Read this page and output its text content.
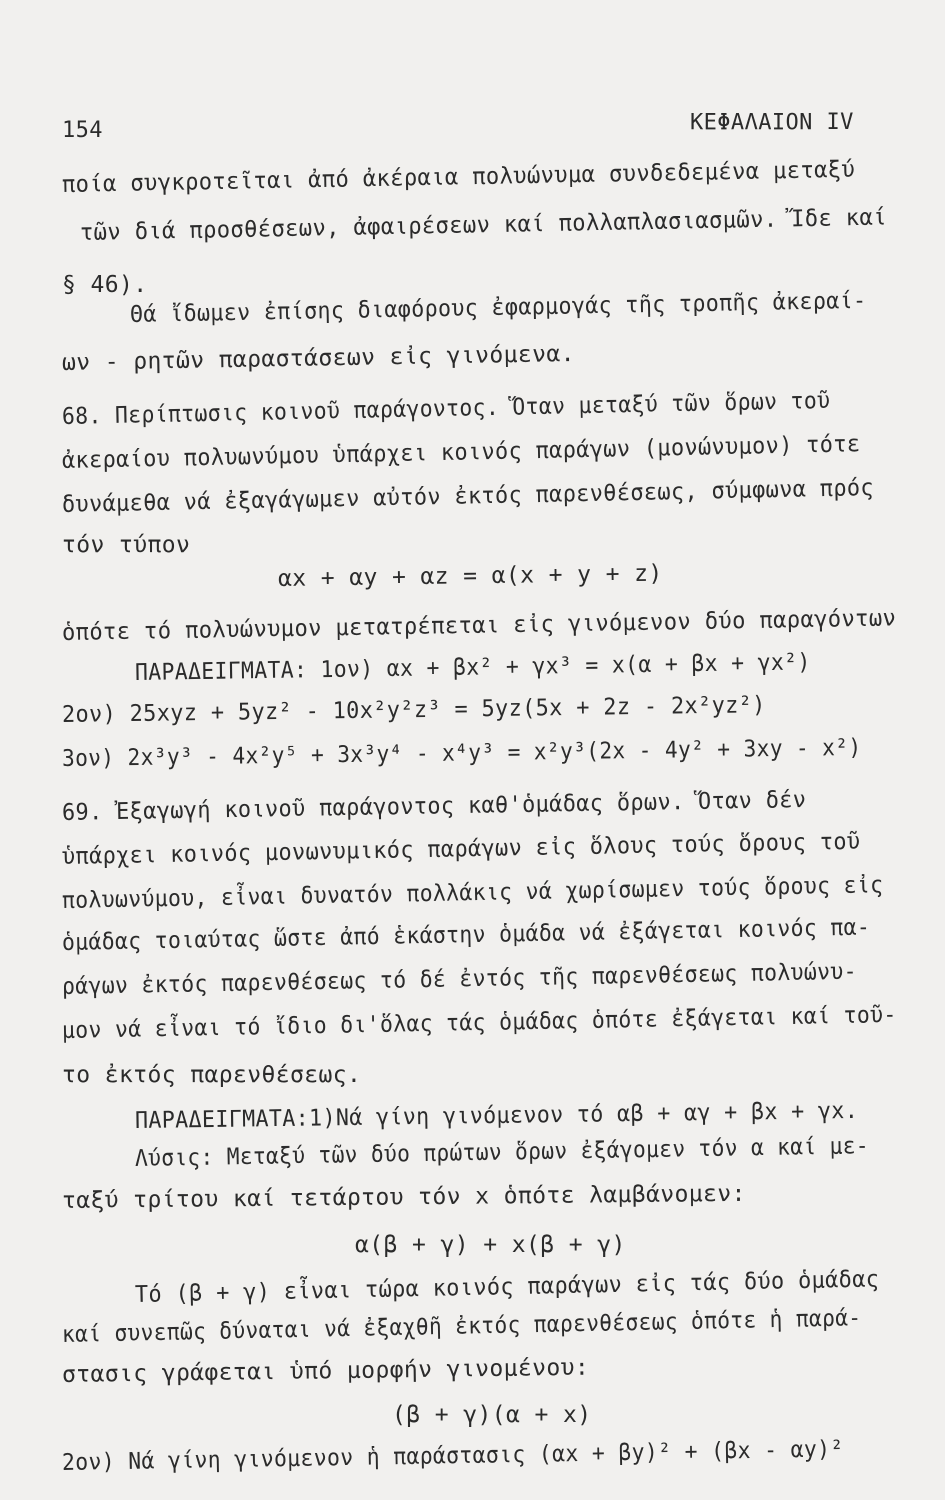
154	ΚΕΦΑΛΑΙΟΝ IV
ποία συγκροτεῖται ἀπό ἀκέραια πολυώνυμα συνδεδεμένα μεταξύ
τῶν διά προσθέσεων, ἀφαιρέσεων καί πολλαπλασιασμῶν. Ἴδε καί
§ 46).
Θά ἴδωμεν ἐπίσης διαφόρους ἐφαρμογάς τῆς τροπῆς ἀκεραί-
ων - ρητῶν παραστάσεων εἰς γινόμενα.
68. Περίπτωσις κοινοῦ παράγοντος. Ὅταν μεταξύ τῶν ὅρων τοῦ
ἀκεραίου πολυωνύμου ὑπάρχει κοινός παράγων (μονώνυμον) τότε
δυνάμεθα νά ἐξαγάγωμεν αὐτόν ἐκτός παρενθέσεως, σύμφωνα πρός
τόν τύπον
αx + αy + αz = α(x + y + z)
ὁπότε τό πολυώνυμον μετατρέπεται εἰς γινόμενον δύο παραγόντων
ΠΑΡΑΔΕΙΓΜΑΤΑ: 1ον) αx + βx² + γx³ = x(α + βx + γx²)
2ον) 25xyz + 5yz² - 10x²y²z³ = 5yz(5x + 2z - 2x²yz²)
3ον) 2x³y³ - 4x²y⁵ + 3x³y⁴ - x⁴y³ = x²y³(2x - 4y² + 3xy - x²)
69. Ἐξαγωγή κοινοῦ παράγοντος καθ'ὁμάδας ὅρων. Ὅταν δέν
ὑπάρχει κοινός μονωνυμικός παράγων εἰς ὅλους τούς ὅρους τοῦ
πολυωνύμου, εἶναι δυνατόν πολλάκις νά χωρίσωμεν τούς ὅρους εἰς
ὁμάδας τοιαύτας ὥστε ἀπό ἑκάστην ὁμάδα νά ἐξάγεται κοινός πα-
ράγων ἐκτός παρενθέσεως τό δέ ἐντός τῆς παρενθέσεως πολυώνυ-
μον νά εἶναι τό ἴδιο δι'ὅλας τάς ὁμάδας ὁπότε ἐξάγεται καί τοῦ-
το ἐκτός παρενθέσεως.
ΠΑΡΑΔΕΙΓΜΑΤΑ:1)Νά γίνη γινόμενον τό αβ + αγ + βx + γx.
Λύσις: Μεταξύ τῶν δύο πρώτων ὅρων ἐξάγομεν τόν α καί με-
ταξύ τρίτου καί τετάρτου τόν x ὁπότε λαμβάνομεν:
α(β + γ) + x(β + γ)
Τό (β + γ) εἶναι τώρα κοινός παράγων εἰς τάς δύο ὁμάδας
καί συνεπῶς δύναται νά ἐξαχθῆ ἐκτός παρενθέσεως ὁπότε ἡ παρά-
στασις γράφεται ὑπό μορφήν γινομένου:
(β + γ)(α + x)
2ον) Νά γίνη γινόμενον ἡ παράστασις (αx + βy)² + (βx - αy)²
